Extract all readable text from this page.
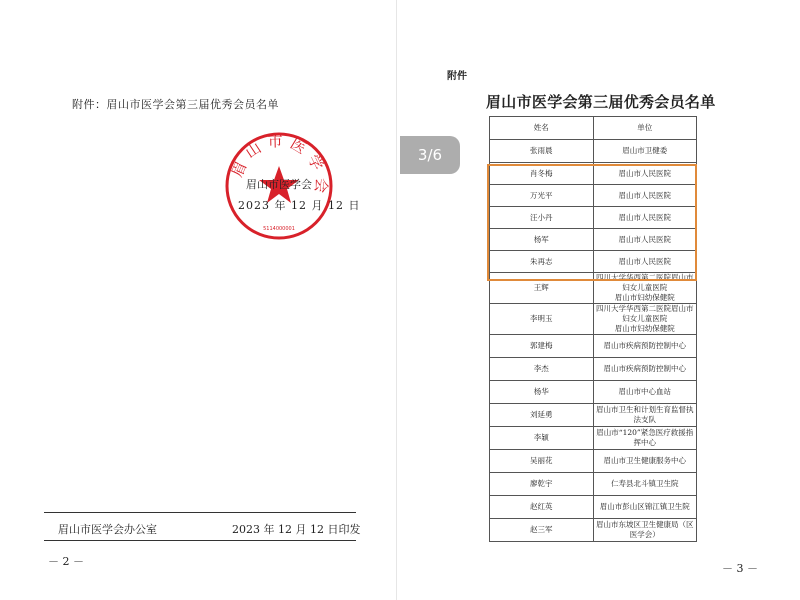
附件：眉山市医学会第三届优秀会员名单
眉山市医学会
眉山市医学会
5114000001
2023 年 12 月 12 日
眉山市医学会办公室	2023 年 12 月 12 日印发
－ 2 －
附件
眉山市医学会第三届优秀会员名单
姓名	单位
张雨晨	眉山市卫健委
肖冬梅	眉山市人民医院
万光平	眉山市人民医院
汪小丹	眉山市人民医院
杨军	眉山市人民医院
朱再志	眉山市人民医院
王辉	四川大学华西第二医院眉山市妇女儿童医院
眉山市妇幼保健院

李明玉	四川大学华西第二医院眉山市妇女儿童医院
眉山市妇幼保健院

郭建梅	眉山市疾病预防控制中心
李杰	眉山市疾病预防控制中心
杨华	眉山市中心血站
刘延勇	眉山市卫生和计划生育监督执法支队
李颖	眉山市“120”紧急医疗救援指挥中心
吴丽花	眉山市卫生健康服务中心
廖乾宇	仁寿县北斗镇卫生院
赵红英	眉山市彭山区锦江镇卫生院
赵三军	眉山市东坡区卫生健康局（区医学会）
－ 3 －
3/6
